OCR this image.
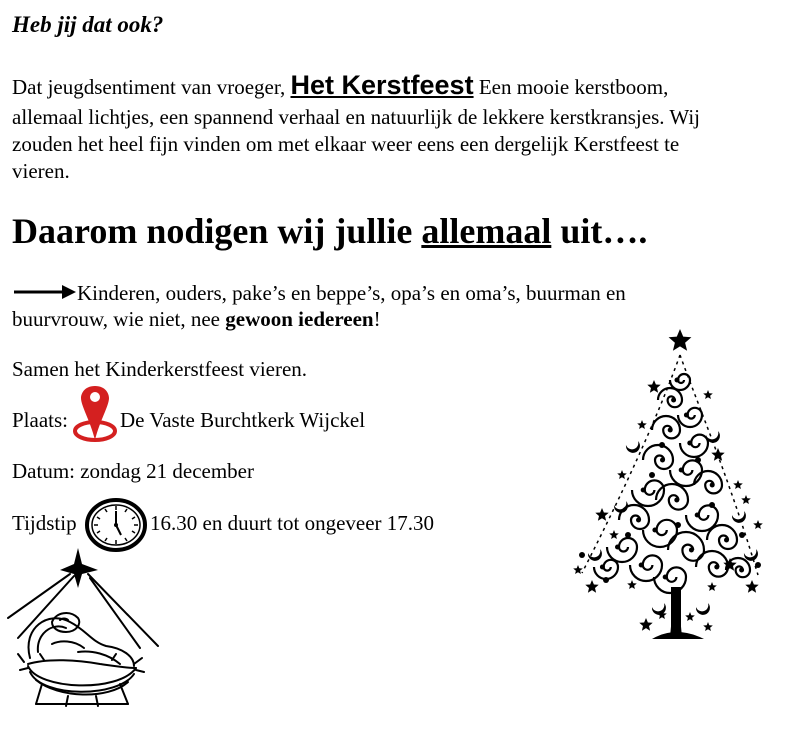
Heb jij dat ook?
Dat jeugdsentiment van vroeger, Het Kerstfeest Een mooie kerstboom,
allemaal lichtjes, een spannend verhaal en natuurlijk de lekkere kerstkransjes. Wij
zouden het heel fijn vinden om met elkaar weer eens een dergelijk Kerstfeest te
vieren.
Daarom nodigen wij jullie allemaal uit….
Kinderen, ouders, pake’s en beppe’s, opa’s en oma’s, buurman en
buurvrouw, wie niet, nee gewoon iedereen!
Samen het Kinderkerstfeest vieren.
Plaats: De Vaste Burchtkerk Wijckel
Datum: zondag 21 december
Tijdstip	16.30 en duurt tot ongeveer 17.30
